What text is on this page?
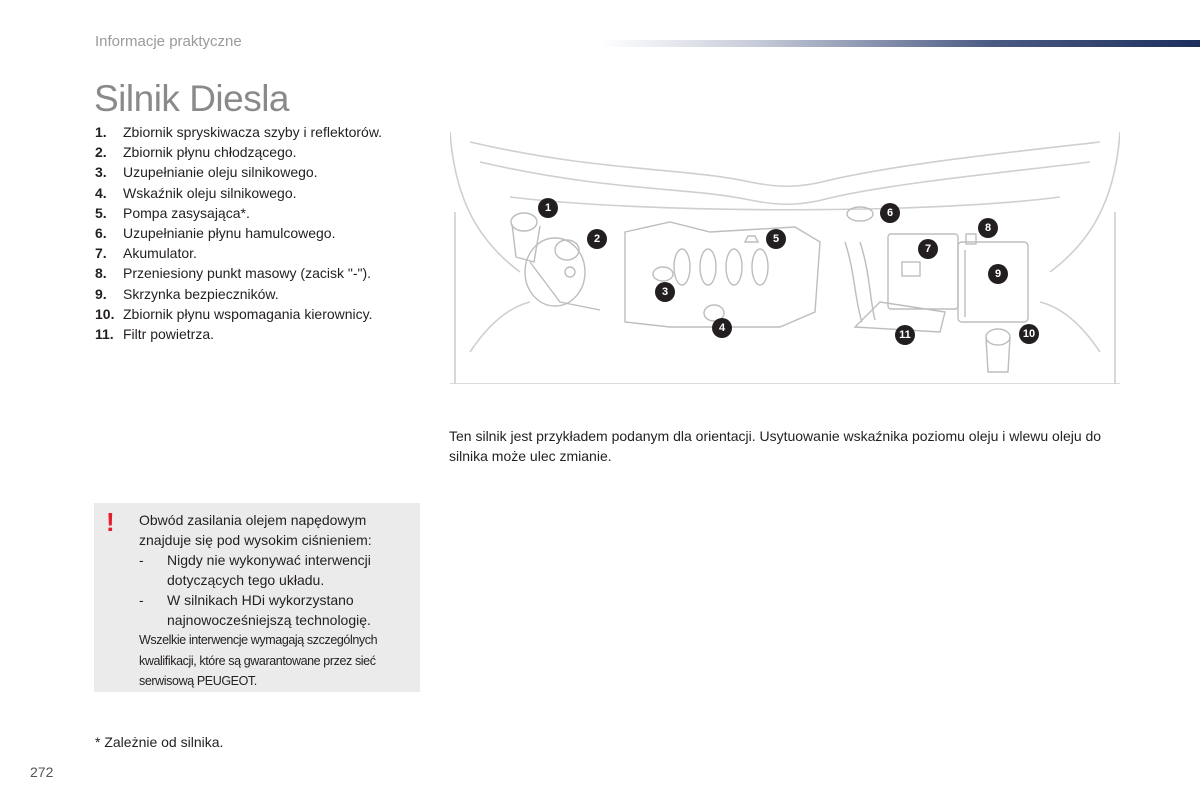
Informacje praktyczne
Silnik Diesla
1.	Zbiornik spryskiwacza szyby i reflektorów.
2.	Zbiornik płynu chłodzącego.
3.	Uzupełnianie oleju silnikowego.
4.	Wskaźnik oleju silnikowego.
5.	Pompa zasysająca*.
6.	Uzupełnianie płynu hamulcowego.
7.	Akumulator.
8.	Przeniesiony punkt masowy (zacisk "-").
9.	Skrzynka bezpieczników.
10. Zbiornik płynu wspomagania kierownicy.
11. Filtr powietrza.
1
2
3
4
5
6
7
8
9
10
11

Ten silnik jest przykładem podanym dla orientacji. Usytuowanie wskaźnika poziomu oleju i wlewu oleju do silnika może ulec zmianie.

! Obwód zasilania olejem napędowym znajduje się pod wysokim ciśnieniem:

-	Nigdy nie wykonywać interwencji dotyczących tego układu.
-	W silnikach HDi wykorzystano najnowocześniejszą technologię.

Wszelkie interwencje wymagają szczególnych kwalifikacji, które są gwarantowane przez sieć serwisową PEUGEOT.

* Zależnie od silnika.

272
